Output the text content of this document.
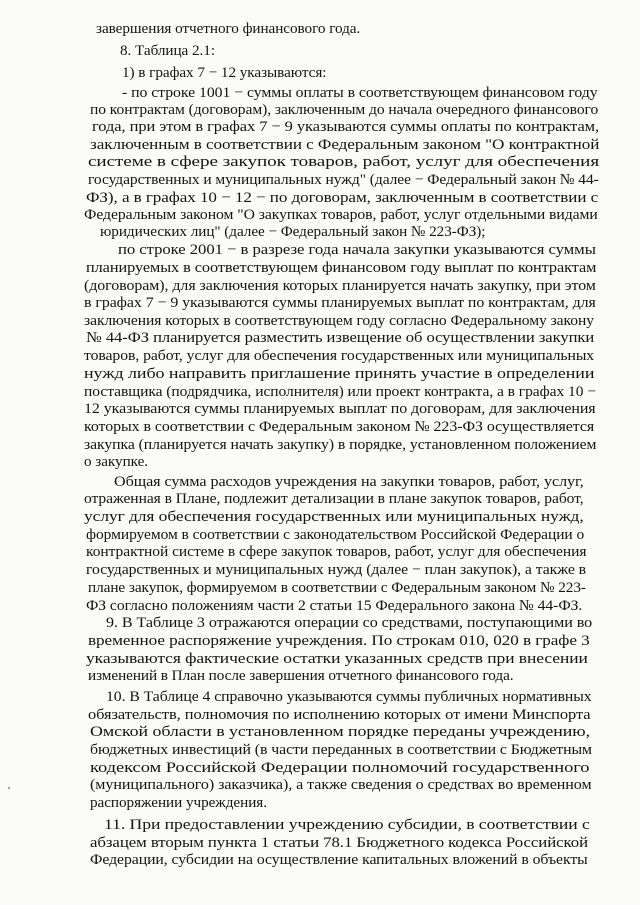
завершения отчетного финансового года.
8. Таблица 2.1:
1) в графах 7 − 12 указываются:
- по строке 1001 − суммы оплаты в соответствующем финансовом году
по контрактам (договорам), заключенным до начала очередного финансового
года, при этом в графах 7 − 9 указываются суммы оплаты по контрактам,
заключенным в соответствии с Федеральным законом "О контрактной
системе в сфере закупок товаров, работ, услуг для обеспечения
государственных и муниципальных нужд" (далее − Федеральный закон № 44-
ФЗ), а в графах 10 − 12 − по договорам, заключенным в соответствии с
Федеральным законом "О закупках товаров, работ, услуг отдельными видами
юридических лиц" (далее − Федеральный закон № 223-ФЗ);
по строке 2001 − в разрезе года начала закупки указываются суммы
планируемых в соответствующем финансовом году выплат по контрактам
(договорам), для заключения которых планируется начать закупку, при этом
в графах 7 − 9 указываются суммы планируемых выплат по контрактам, для
заключения которых в соответствующем году согласно Федеральному закону
№ 44-ФЗ планируется разместить извещение об осуществлении закупки
товаров, работ, услуг для обеспечения государственных или муниципальных
нужд либо направить приглашение принять участие в определении
поставщика (подрядчика, исполнителя) или проект контракта, а в графах 10 −
12 указываются суммы планируемых выплат по договорам, для заключения
которых в соответствии с Федеральным законом № 223-ФЗ осуществляется
закупка (планируется начать закупку) в порядке, установленном положением
о закупке.
Общая сумма расходов учреждения на закупки товаров, работ, услуг,
отраженная в Плане, подлежит детализации в плане закупок товаров, работ,
услуг для обеспечения государственных или муниципальных нужд,
формируемом в соответствии с законодательством Российской Федерации о
контрактной системе в сфере закупок товаров, работ, услуг для обеспечения
государственных и муниципальных нужд (далее − план закупок), а также в
плане закупок, формируемом в соответствии с Федеральным законом № 223-
ФЗ согласно положениям части 2 статьи 15 Федерального закона № 44-ФЗ.
9. В Таблице 3 отражаются операции со средствами, поступающими во
временное распоряжение учреждения. По строкам 010, 020 в графе 3
указываются фактические остатки указанных средств при внесении
изменений в План после завершения отчетного финансового года.
10. В Таблице 4 справочно указываются суммы публичных нормативных
обязательств, полномочия по исполнению которых от имени Минспорта
Омской области в установленном порядке переданы учреждению,
бюджетных инвестиций (в части переданных в соответствии с Бюджетным
кодексом Российской Федерации полномочий государственного
(муниципального) заказчика), а также сведения о средствах во временном
распоряжении учреждения.
11. При предоставлении учреждению субсидии, в соответствии с
абзацем вторым пункта 1 статьи 78.1 Бюджетного кодекса Российской
Федерации, субсидии на осуществление капитальных вложений в объекты
